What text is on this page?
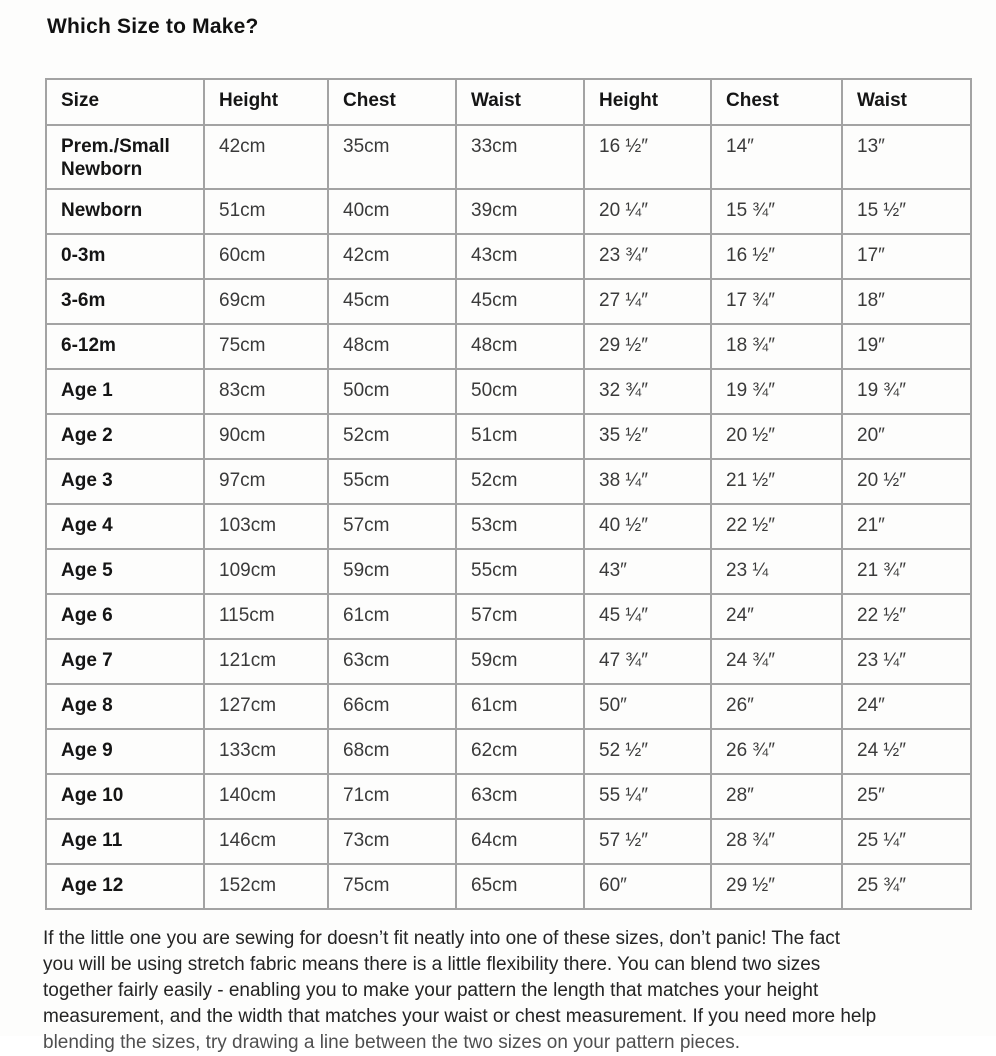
Which Size to Make?
Size	Height	Chest	Waist	Height	Chest	Waist
Prem./Small Newborn	42cm	35cm	33cm	16 ½″	14″	13″
Newborn	51cm	40cm	39cm	20 ¼″	15 ¾″	15 ½″
0-3m	60cm	42cm	43cm	23 ¾″	16 ½″	17″
3-6m	69cm	45cm	45cm	27 ¼″	17 ¾″	18″
6-12m	75cm	48cm	48cm	29 ½″	18 ¾″	19″
Age 1	83cm	50cm	50cm	32 ¾″	19 ¾″	19 ¾″
Age 2	90cm	52cm	51cm	35 ½″	20 ½″	20″
Age 3	97cm	55cm	52cm	38 ¼″	21 ½″	20 ½″
Age 4	103cm	57cm	53cm	40 ½″	22 ½″	21″
Age 5	109cm	59cm	55cm	43″	23 ¼	21 ¾″
Age 6	115cm	61cm	57cm	45 ¼″	24″	22 ½″
Age 7	121cm	63cm	59cm	47 ¾″	24 ¾″	23 ¼″
Age 8	127cm	66cm	61cm	50″	26″	24″
Age 9	133cm	68cm	62cm	52 ½″	26 ¾″	24 ½″
Age 10	140cm	71cm	63cm	55 ¼″	28″	25″
Age 11	146cm	73cm	64cm	57 ½″	28 ¾″	25 ¼″
Age 12	152cm	75cm	65cm	60″	29 ½″	25 ¾″
If the little one you are sewing for doesn’t fit neatly into one of these sizes, don’t panic! The fact
you will be using stretch fabric means there is a little flexibility there. You can blend two sizes
together fairly easily - enabling you to make your pattern the length that matches your height
measurement, and the width that matches your waist or chest measurement. If you need more help
blending the sizes, try drawing a line between the two sizes on your pattern pieces.
